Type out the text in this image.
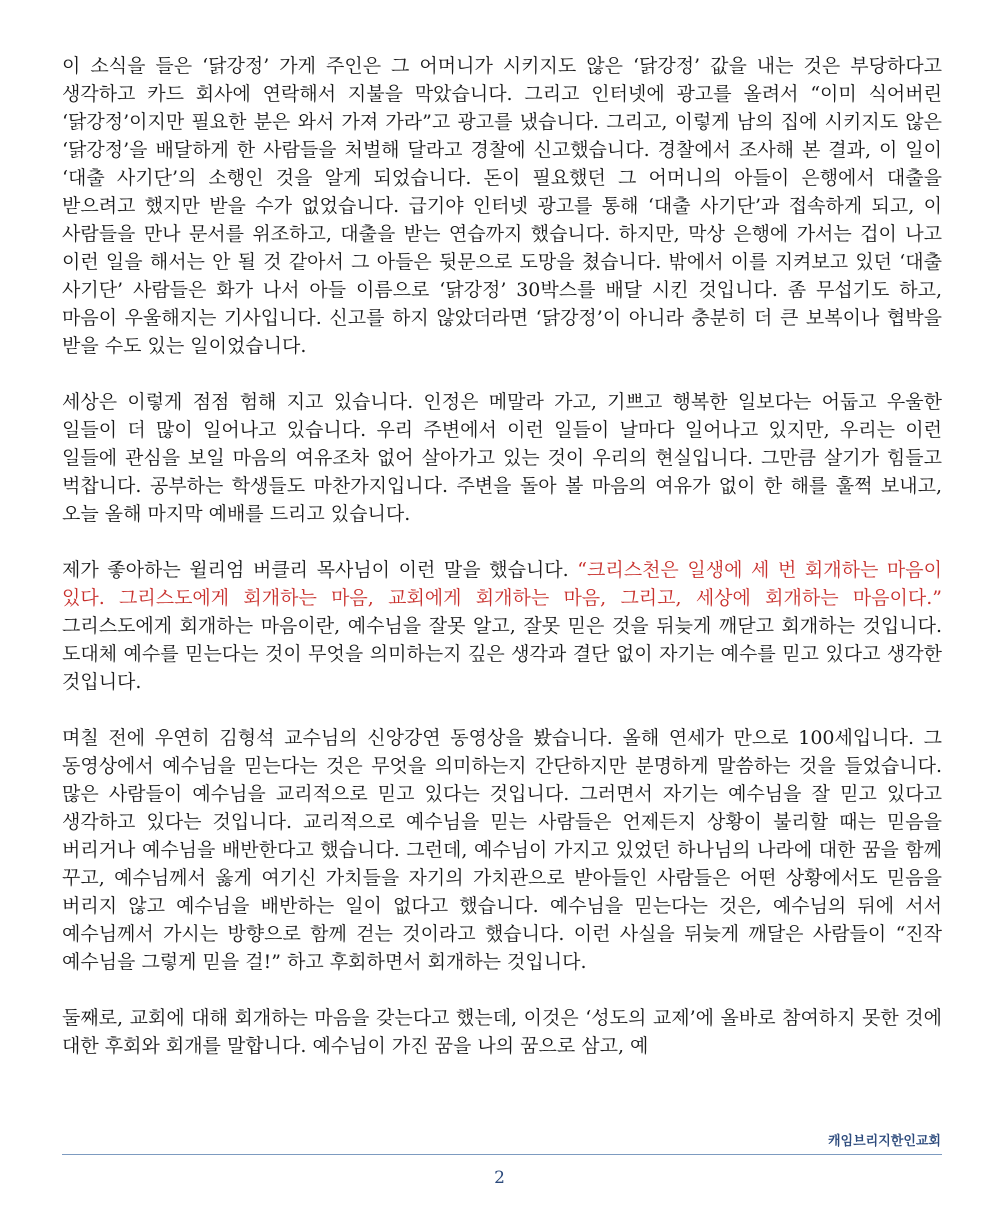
이 소식을 들은 ‘닭강정’ 가게 주인은 그 어머니가 시키지도 않은 ‘닭강정’ 값을 내는 것은 부당하다고 생각하고 카드 회사에 연락해서 지불을 막았습니다. 그리고 인터넷에 광고를 올려서 “이미 식어버린 ‘닭강정’이지만 필요한 분은 와서 가져 가라”고 광고를 냈습니다. 그리고, 이렇게 남의 집에 시키지도 않은 ‘닭강정’을 배달하게 한 사람들을 처벌해 달라고 경찰에 신고했습니다. 경찰에서 조사해 본 결과, 이 일이 ‘대출 사기단’의 소행인 것을 알게 되었습니다. 돈이 필요했던 그 어머니의 아들이 은행에서 대출을 받으려고 했지만 받을 수가 없었습니다. 급기야 인터넷 광고를 통해 ‘대출 사기단’과 접속하게 되고, 이 사람들을 만나 문서를 위조하고, 대출을 받는 연습까지 했습니다. 하지만, 막상 은행에 가서는 겁이 나고 이런 일을 해서는 안 될 것 같아서 그 아들은 뒷문으로 도망을 쳤습니다. 밖에서 이를 지켜보고 있던 ‘대출 사기단’ 사람들은 화가 나서 아들 이름으로 ‘닭강정’ 30박스를 배달 시킨 것입니다. 좀 무섭기도 하고, 마음이 우울해지는 기사입니다. 신고를 하지 않았더라면 ‘닭강정’이 아니라 충분히 더 큰 보복이나 협박을 받을 수도 있는 일이었습니다.

세상은 이렇게 점점 험해 지고 있습니다. 인정은 메말라 가고, 기쁘고 행복한 일보다는 어둡고 우울한 일들이 더 많이 일어나고 있습니다. 우리 주변에서 이런 일들이 날마다 일어나고 있지만, 우리는 이런 일들에 관심을 보일 마음의 여유조차 없어 살아가고 있는 것이 우리의 현실입니다. 그만큼 살기가 힘들고 벅찹니다. 공부하는 학생들도 마찬가지입니다. 주변을 돌아 볼 마음의 여유가 없이 한 해를 훌쩍 보내고, 오늘 올해 마지막 예배를 드리고 있습니다.

제가 좋아하는 윌리엄 버클리 목사님이 이런 말을 했습니다. “크리스천은 일생에 세 번 회개하는 마음이 있다. 그리스도에게 회개하는 마음, 교회에게 회개하는 마음, 그리고, 세상에 회개하는 마음이다.” 그리스도에게 회개하는 마음이란, 예수님을 잘못 알고, 잘못 믿은 것을 뒤늦게 깨닫고 회개하는 것입니다. 도대체 예수를 믿는다는 것이 무엇을 의미하는지 깊은 생각과 결단 없이 자기는 예수를 믿고 있다고 생각한 것입니다.

며칠 전에 우연히 김형석 교수님의 신앙강연 동영상을 봤습니다. 올해 연세가 만으로 100세입니다. 그 동영상에서 예수님을 믿는다는 것은 무엇을 의미하는지 간단하지만 분명하게 말씀하는 것을 들었습니다. 많은 사람들이 예수님을 교리적으로 믿고 있다는 것입니다. 그러면서 자기는 예수님을 잘 믿고 있다고 생각하고 있다는 것입니다. 교리적으로 예수님을 믿는 사람들은 언제든지 상황이 불리할 때는 믿음을 버리거나 예수님을 배반한다고 했습니다. 그런데, 예수님이 가지고 있었던 하나님의 나라에 대한 꿈을 함께 꾸고, 예수님께서 옳게 여기신 가치들을 자기의 가치관으로 받아들인 사람들은 어떤 상황에서도 믿음을 버리지 않고 예수님을 배반하는 일이 없다고 했습니다. 예수님을 믿는다는 것은, 예수님의 뒤에 서서 예수님께서 가시는 방향으로 함께 걷는 것이라고 했습니다. 이런 사실을 뒤늦게 깨달은 사람들이 “진작 예수님을 그렇게 믿을 걸!” 하고 후회하면서 회개하는 것입니다.

둘째로, 교회에 대해 회개하는 마음을 갖는다고 했는데, 이것은 ‘성도의 교제’에 올바로 참여하지 못한 것에 대한 후회와 회개를 말합니다. 예수님이 가진 꿈을 나의 꿈으로 삼고, 예

캐임브리지한인교회
2
